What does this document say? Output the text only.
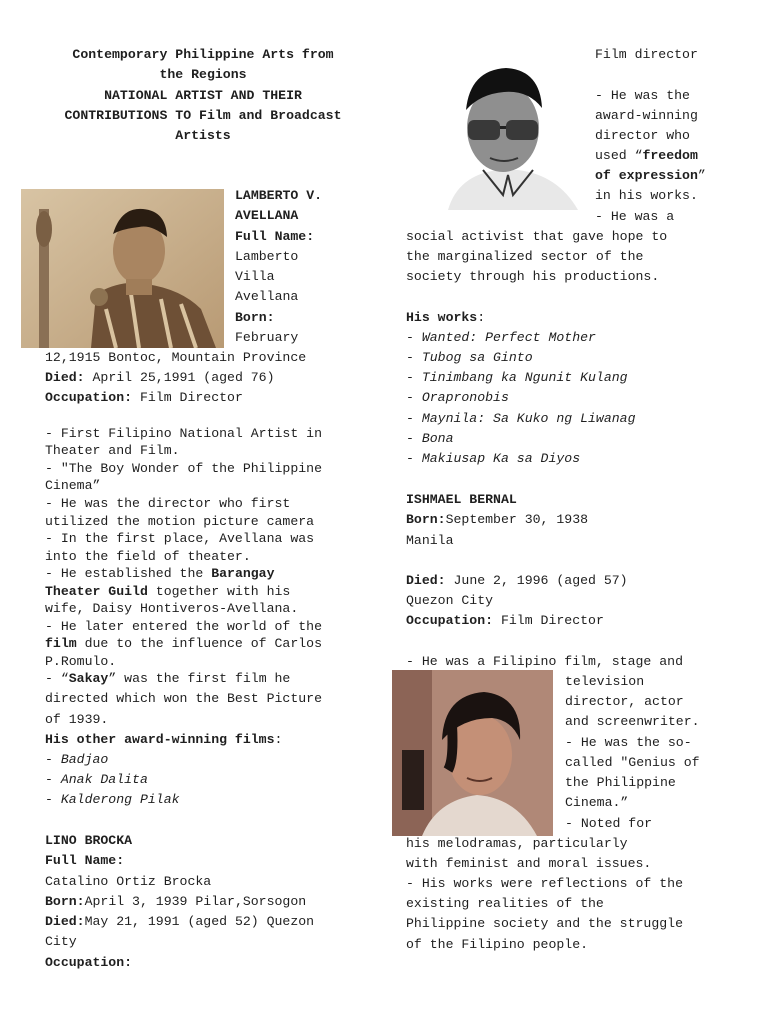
Contemporary Philippine Arts from
the Regions
NATIONAL ARTIST AND THEIR
CONTRIBUTIONS TO Film and Broadcast
Artists
LAMBERTO V.
AVELLANA
Full Name:
Lamberto
Villa
Avellana
Born:
February
12,1915 Bontoc, Mountain Province
Died: April 25,1991 (aged 76)
Occupation: Film Director
- First Filipino National Artist in
Theater and Film.
- "The Boy Wonder of the Philippine
Cinema”
- He was the director who first
utilized the motion picture camera
- In the first place, Avellana was
into the field of theater.
- He established the Barangay
Theater Guild together with his
wife, Daisy Hontiveros-Avellana.
- He later entered the world of the
film due to the influence of Carlos
P.Romulo.
- “Sakay” was the first film he
directed which won the Best Picture
of 1939.
His other award-winning films:
- Badjao
- Anak Dalita
- Kalderong Pilak
LINO BROCKA
Full Name:
Catalino Ortiz Brocka
Born:April 3, 1939 Pilar,Sorsogon
Died:May 21, 1991 (aged 52) Quezon
City
Occupation:
Film director
- He was the
award-winning
director who
used “freedom
of expression”
in his works.
- He was a
social activist that gave hope to
the marginalized sector of the
society through his productions.
His works:
- Wanted: Perfect Mother
- Tubog sa Ginto
- Tinimbang ka Ngunit Kulang
- Orapronobis
- Maynila: Sa Kuko ng Liwanag
- Bona
- Makiusap Ka sa Diyos
ISHMAEL BERNAL
Born:September 30, 1938
Manila
Died: June 2, 1996 (aged 57)
Quezon City
Occupation: Film Director
- He was a Filipino film, stage and
television
director, actor
and screenwriter.
- He was the so-
called "Genius of
the Philippine
Cinema.”
- Noted for
his melodramas, particularly
with feminist and moral issues.
- His works were reflections of the
existing realities of the
Philippine society and the struggle
of the Filipino people.
